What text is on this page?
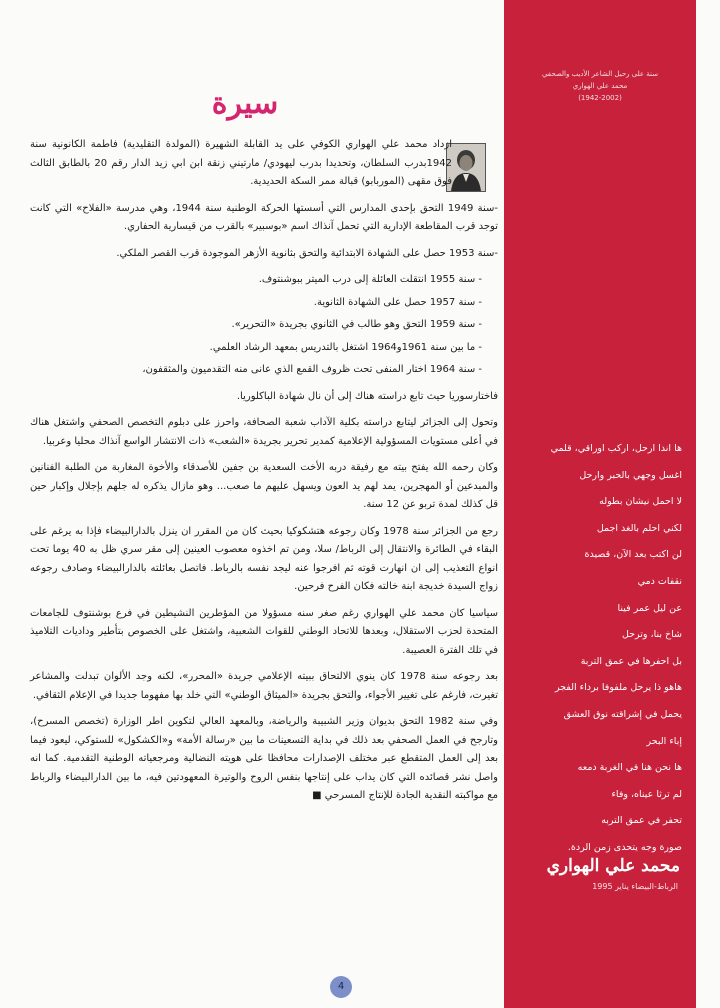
سنة على رحيل الشاعر الأديب والصحفي
محمد علي الهواري
(1942-2002)
ها اندا ارحل، اركب اوراقي، قلمي
اغسل وجهي بالحبر وارحل
لا احمل نيشان بطوله
لكني احلم بالغد اجمل
لن اكتب بعد الآن، قصيدة
نقفات دمي
عن ليل عمر فينا
شاخ بنا، وترحل
بل احفرها في عمق التربة
هاهو ذا يرحل ملفوفا برداء الفجر
يحمل في إشراقته نوق العشق
إباء البحر
ها نحن هنا في الغربة دمعه
لم ترثا عيناه، وفاء
تحفر في عمق التربه
صورة وجه يتحدى زمن الردة.
محمد علي الهواري
الرباط-البيضاء يناير 1995
سيرة

ازداد محمد علي الهواري الكوفي على يد القابلة الشهيرة (المولدة التقليدية) فاطمة الكانونية سنة 1942بدرب السلطان، وتحديدا بدرب ليهودي/ مارتيني زنقة ابن ابي زيد الدار رقم 20 بالطابق الثالث فوق مقهى (الموربابو) قبالة ممر السكة الحديدية.

-سنة 1949 التحق بإحدى المدارس التي أسستها الحركة الوطنية سنة 1944، وهي مدرسة «الفلاح» التي كانت توجد قرب المقاطعة الإدارية التي تحمل آنذاك اسم «بوسبير» بالقرب من قيسارية الحفاري.

-سنة 1953 حصل على الشهادة الابتدائية والتحق بثانوية الأزهر الموجودة قرب القصر الملكي.

- سنة 1955 انتقلت العائلة إلى درب الميتر ببوشنتوف.
- سنة 1957 حصل على الشهادة الثانوية.
- سنة 1959 التحق وهو طالب في الثانوي بجريدة «التحرير».
- ما بين سنة 1961و1964 اشتغل بالتدريس بمعهد الرشاد العلمي.
- سنة 1964 اختار المنفى تحت ظروف القمع الذي عانى منه التقدميون والمثقفون،

فاختارسوريا حيث تابع دراسته هناك إلى أن نال شهادة الباكلوريا.

وتحول إلى الجزائر ليتابع دراسته بكلية الآداب شعبة الصحافة، واحرز على دبلوم التخصص الصحفي واشتغل هناك في أعلى مستويات المسؤولية الإعلامية كمدير تحرير بجريدة «الشعب» ذات الانتشار الواسع آنذاك محليا وعربيا.

وكان رحمه الله يفتح بيته مع رفيقة دربه الأخت السعدية بن جفين للأصدقاء والأخوة المغاربة من الطلبة الفنانين والمبدعين أو المهجرين، يمد لهم يد العون ويسهل عليهم ما صعب... وهو مازال يذكره له جلهم بإجلال وإكبار حين قل كذلك لمدة تربو عن 12 سنة.

رجع من الجزائر سنة 1978 وكان رجوعه هتشكوكيا بحيث كان من المقرر ان ينزل بالدارالبيضاء فإذا به يرغم على البقاء في الطائرة والانتقال إلى الرباط/ سلا، ومن تم اخذوه معصوب العينين إلى مقر سري ظل به 40 يوما تحت انواع التعذيب إلى ان انهارت قوته ثم افرجوا عنه ليجد نفسه بالرباط. فاتصل بعائلته بالدارالبيضاء وصادف رجوعه زواج السيدة خديجة ابنة خالته فكان الفرح فرحين.

سياسيا كان محمد علي الهواري رغم صغر سنه مسؤولا من المؤطرين النشيطين في فرع بوشنتوف للجامعات المتحدة لحزب الاستقلال، وبعدها للاتحاد الوطني للقوات الشعبية، واشتغل على الخصوص بتأطير وداديات التلاميذ في تلك الفترة العصيبة.

بعد رجوعه سنة 1978 كان ينوي الالتحاق ببيته الإعلامي جريدة «المحرر»، لكنه وجد الألوان تبدلت والمشاعر تغيرت، فارغم على تغيير الأجواء، والتحق بجريدة «الميثاق الوطني» التي خلد بها مفهوما جديدا في الإعلام الثقافي.

وفي سنة 1982 التحق بديوان وزير الشبيبة والرياضة، وبالمعهد العالي لتكوين اطر الوزارة (تخصص المسرح)، وتارجح في العمل الصحفي بعد ذلك في بداية التسعينات ما بين «رسالة الأمة» و«الكشكول» للستوكي، ليعود فيما بعد إلى العمل المتقطع عبر مختلف الإصدارات محافظا على هويته النضالية ومرجعياته الوطنية التقدمية. كما انه واصل نشر قصائده التي كان يداب على إنتاجها بنفس الروح والوتيرة المعهودتين فيه، ما بين الدارالبيضاء والرباط مع مواكبته النقدية الجادة للإنتاج المسرحي ■

4
